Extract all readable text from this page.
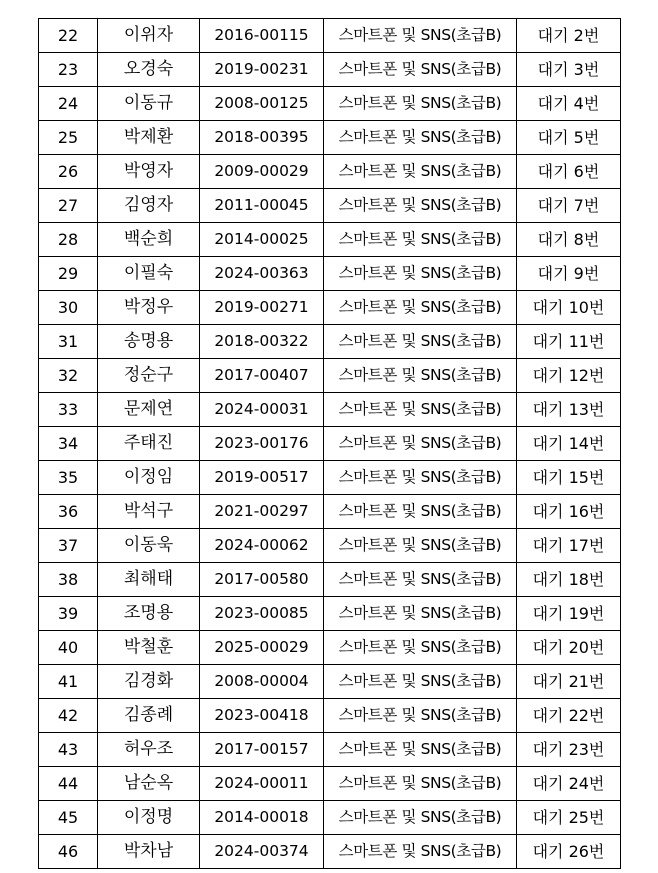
22	이위자	2016-00115	스마트폰 및 SNS(초급B)	대기 2번
23	오경숙	2019-00231	스마트폰 및 SNS(초급B)	대기 3번
24	이동규	2008-00125	스마트폰 및 SNS(초급B)	대기 4번
25	박제환	2018-00395	스마트폰 및 SNS(초급B)	대기 5번
26	박영자	2009-00029	스마트폰 및 SNS(초급B)	대기 6번
27	김영자	2011-00045	스마트폰 및 SNS(초급B)	대기 7번
28	백순희	2014-00025	스마트폰 및 SNS(초급B)	대기 8번
29	이필숙	2024-00363	스마트폰 및 SNS(초급B)	대기 9번
30	박정우	2019-00271	스마트폰 및 SNS(초급B)	대기 10번
31	송명용	2018-00322	스마트폰 및 SNS(초급B)	대기 11번
32	정순구	2017-00407	스마트폰 및 SNS(초급B)	대기 12번
33	문제연	2024-00031	스마트폰 및 SNS(초급B)	대기 13번
34	주태진	2023-00176	스마트폰 및 SNS(초급B)	대기 14번
35	이정임	2019-00517	스마트폰 및 SNS(초급B)	대기 15번
36	박석구	2021-00297	스마트폰 및 SNS(초급B)	대기 16번
37	이동욱	2024-00062	스마트폰 및 SNS(초급B)	대기 17번
38	최해태	2017-00580	스마트폰 및 SNS(초급B)	대기 18번
39	조명용	2023-00085	스마트폰 및 SNS(초급B)	대기 19번
40	박철훈	2025-00029	스마트폰 및 SNS(초급B)	대기 20번
41	김경화	2008-00004	스마트폰 및 SNS(초급B)	대기 21번
42	김종례	2023-00418	스마트폰 및 SNS(초급B)	대기 22번
43	허우조	2017-00157	스마트폰 및 SNS(초급B)	대기 23번
44	남순옥	2024-00011	스마트폰 및 SNS(초급B)	대기 24번
45	이정명	2014-00018	스마트폰 및 SNS(초급B)	대기 25번
46	박차남	2024-00374	스마트폰 및 SNS(초급B)	대기 26번
